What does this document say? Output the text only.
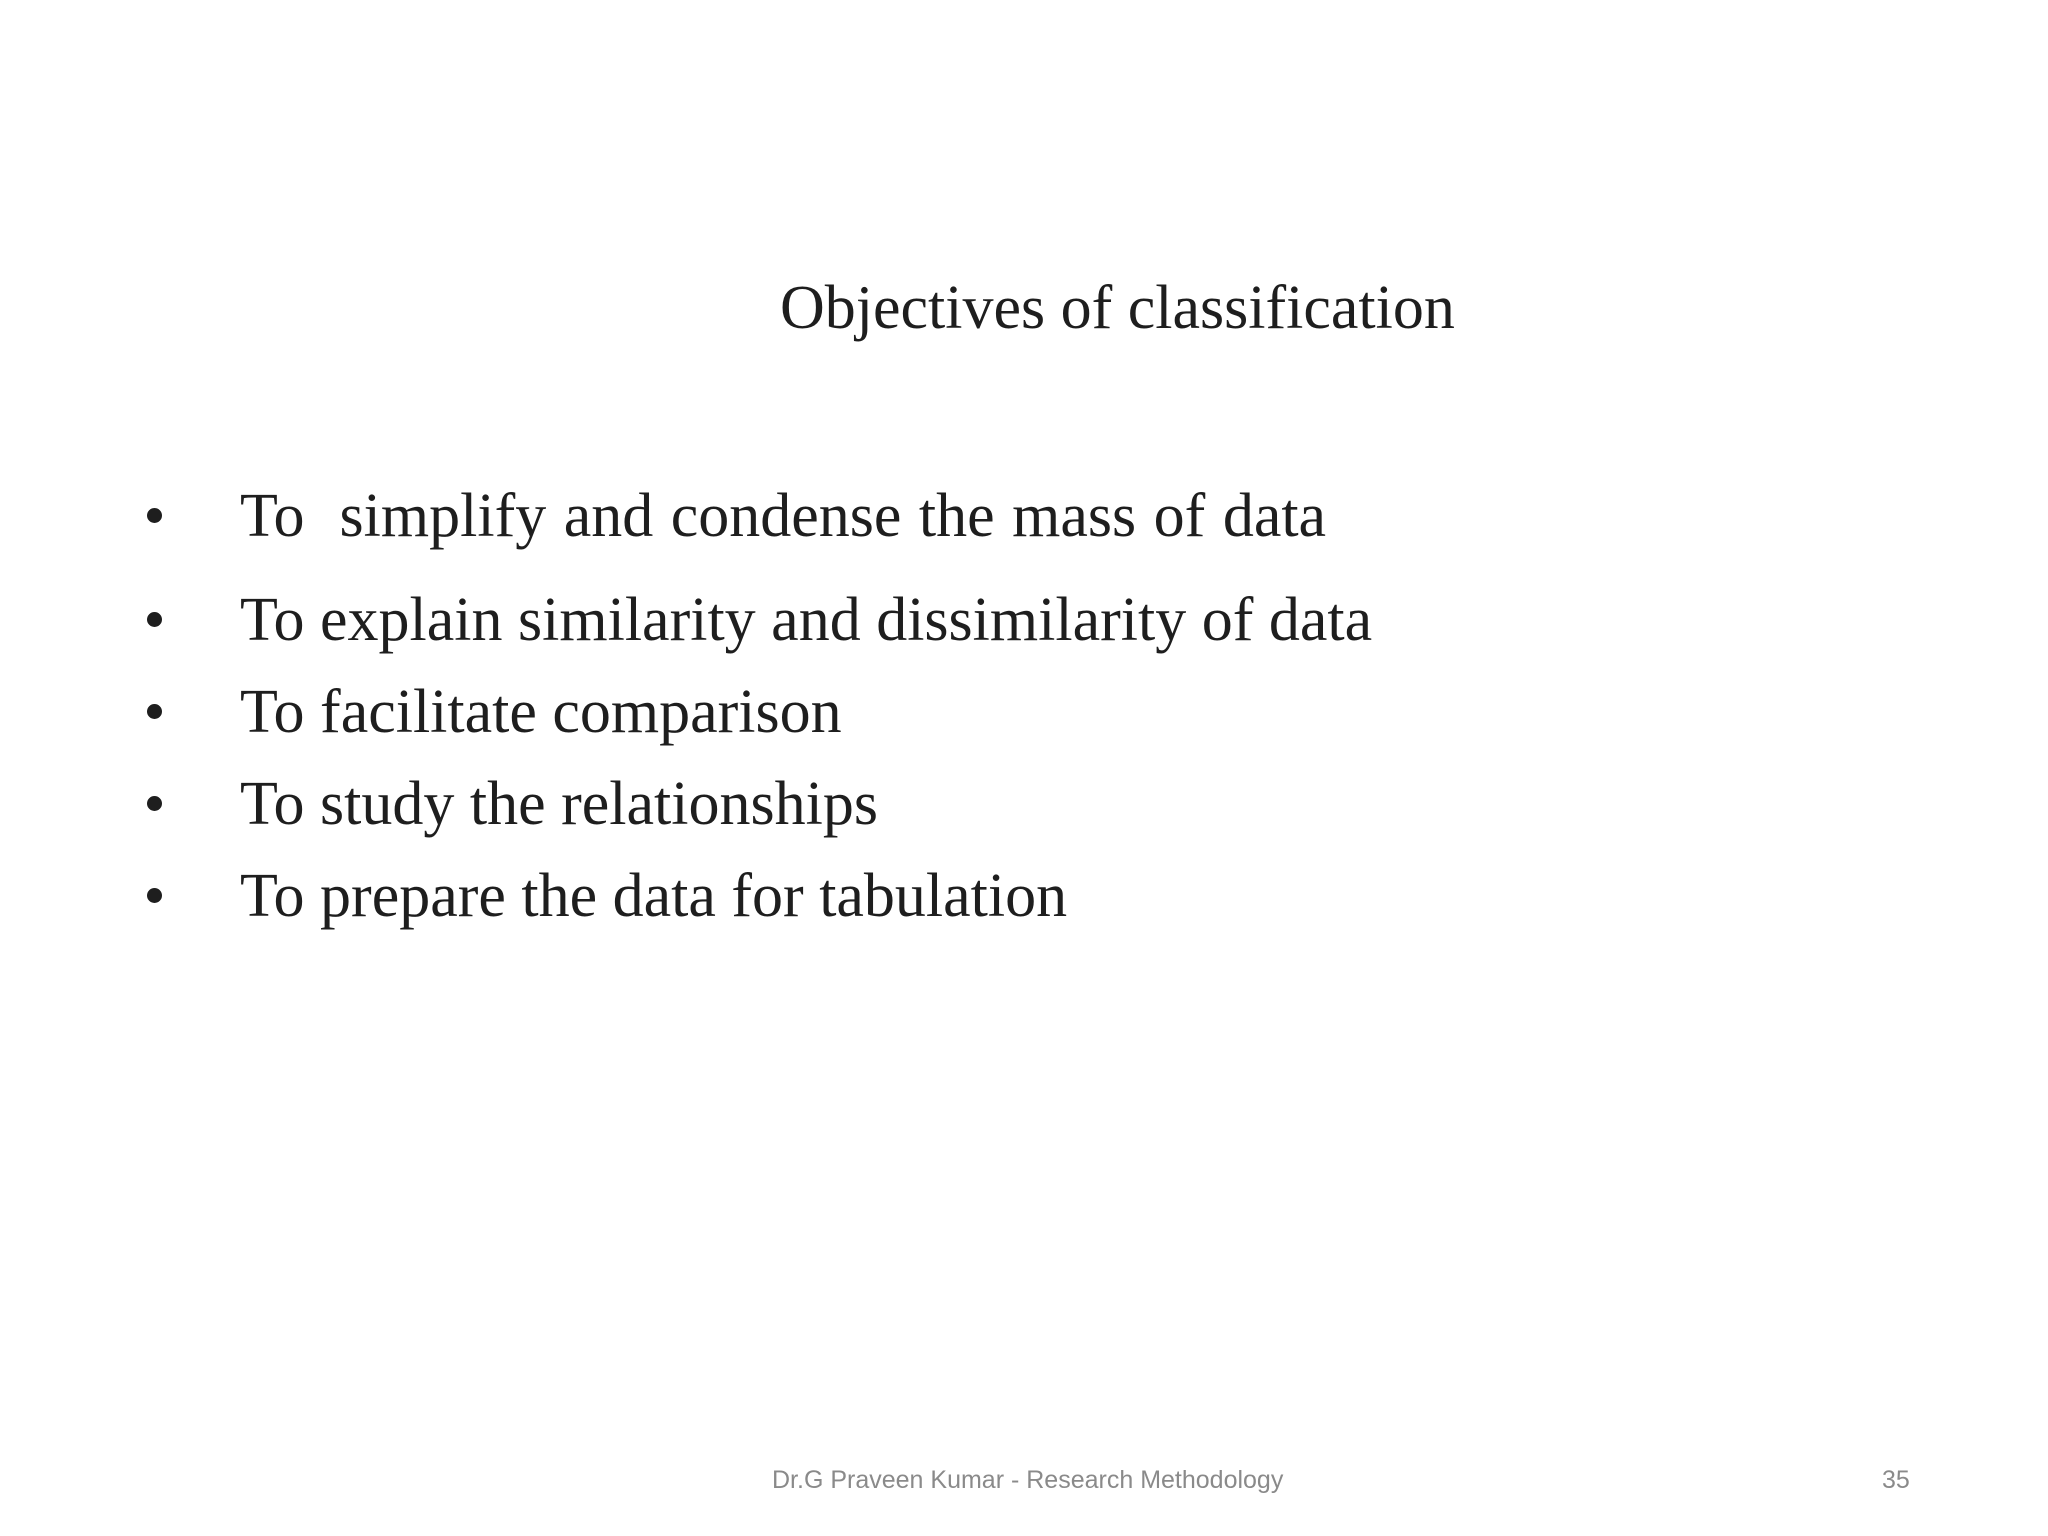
Objectives of classification
To  simplify and condense the mass of data
To explain similarity and dissimilarity of data
To facilitate comparison
To study the relationships
To prepare the data for tabulation
Dr.G Praveen Kumar - Research Methodology	35
